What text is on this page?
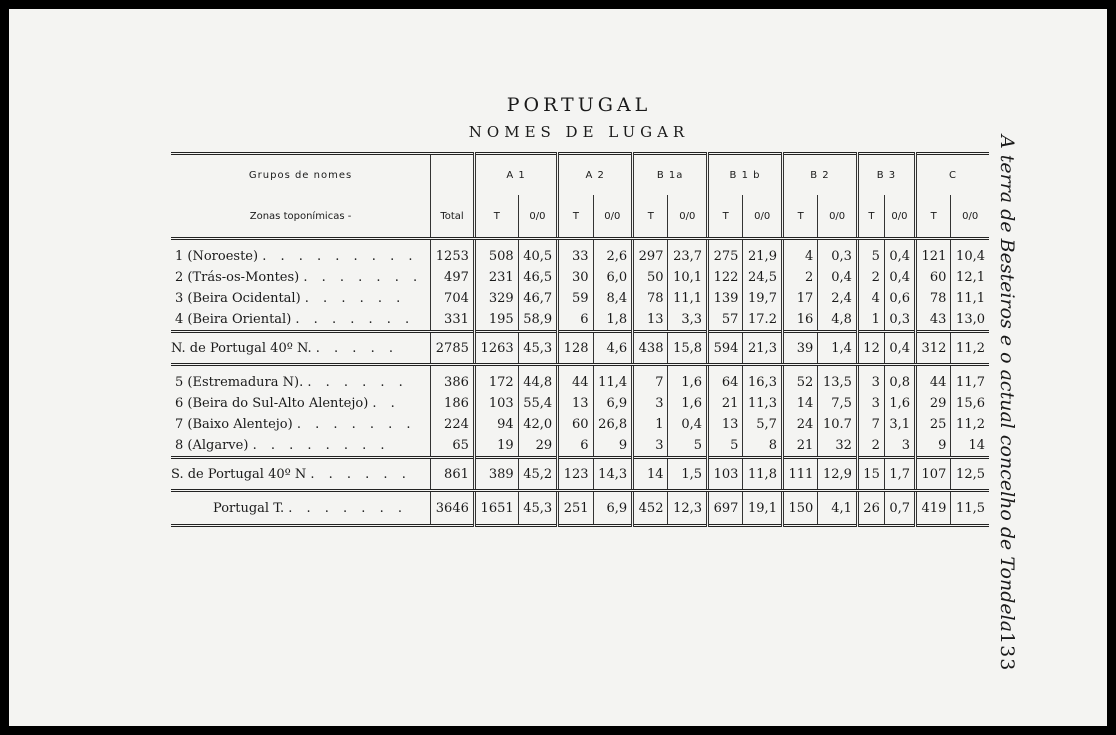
PORTUGAL
NOMES DE LUGAR
A terra de Besteiros e o actual concelho de Tondela
133
Grupos de nomes		A 1		A 2		B 1a		B 1 b		B 2		B 3		C	
Zonas toponímicas -	Total	T	0/0	T	0/0	T	0/0	T	0/0	T	0/0	T	0/0	T	0/0
1 (Noroeste) . . . . . . . . .	1253	508	40,5	33	2,6	297	23,7	275	21,9	4	0,3	5	0,4	121	10,4
2 (Trás-os-Montes) . . . . . . .	497	231	46,5	30	6,0	50	10,1	122	24,5	2	0,4	2	0,4	60	12,1
3 (Beira Ocidental) . . . . . .	704	329	46,7	59	8,4	78	11,1	139	19,7	17	2,4	4	0,6	78	11,1
4 (Beira Oriental) . . . . . . .	331	195	58,9	6	1,8	13	3,3	57	17.2	16	4,8	1	0,3	43	13,0
N. de Portugal 40º N. . . . . .	2785	1263	45,3	128	4,6	438	15,8	594	21,3	39	1,4	12	0,4	312	11,2
5 (Estremadura N). . . . . . .	386	172	44,8	44	11,4	7	1,6	64	16,3	52	13,5	3	0,8	44	11,7
6 (Beira do Sul-Alto Alentejo) . .	186	103	55,4	13	6,9	3	1,6	21	11,3	14	7,5	3	1,6	29	15,6
7 (Baixo Alentejo) . . . . . . .	224	94	42,0	60	26,8	1	0,4	13	5,7	24	10.7	7	3,1	25	11,2
8 (Algarve) . . . . . . . .	65	19	29	6	9	3	5	5	8	21	32	2	3	9	14
S. de Portugal 40º N . . . . . .	861	389	45,2	123	14,3	14	1,5	103	11,8	111	12,9	15	1,7	107	12,5
Portugal T. . . . . . . .	3646	1651	45,3	251	6,9	452	12,3	697	19,1	150	4,1	26	0,7	419	11,5
